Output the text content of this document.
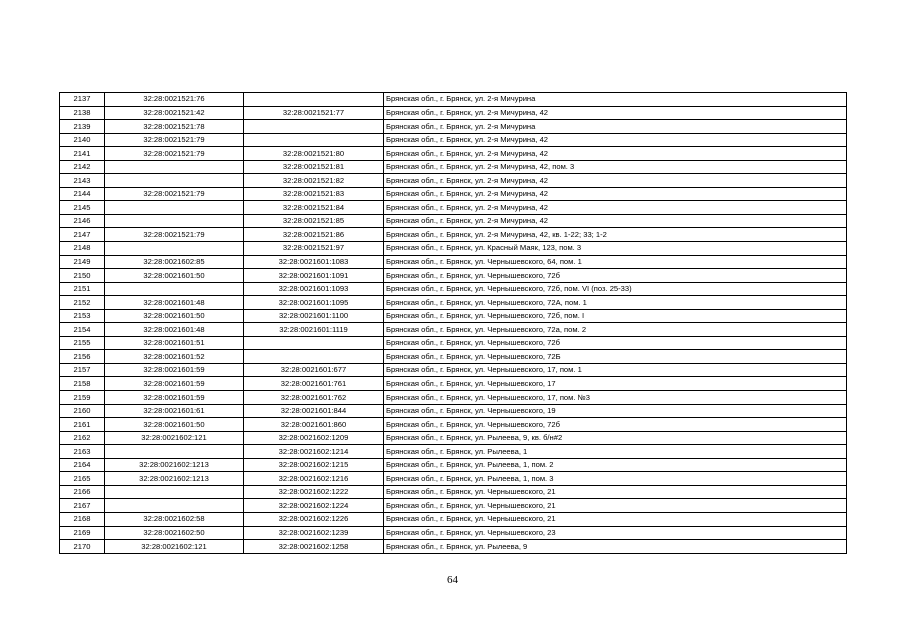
2137	32:28:0021521:76		Брянская обл., г. Брянск, ул. 2-я Мичурина
2138	32:28:0021521:42	32:28:0021521:77	Брянская обл., г. Брянск, ул. 2-я Мичурина, 42
2139	32:28:0021521:78		Брянская обл., г. Брянск, ул. 2-я Мичурина
2140	32:28:0021521:79		Брянская обл., г. Брянск, ул. 2-я Мичурина, 42
2141	32:28:0021521:79	32:28:0021521:80	Брянская обл., г. Брянск, ул. 2-я Мичурина, 42
2142		32:28:0021521:81	Брянская обл., г. Брянск, ул. 2-я Мичурина, 42, пом. 3
2143		32:28:0021521:82	Брянская обл., г. Брянск, ул. 2-я Мичурина, 42
2144	32:28:0021521:79	32:28:0021521:83	Брянская обл., г. Брянск, ул. 2-я Мичурина, 42
2145		32:28:0021521:84	Брянская обл., г. Брянск, ул. 2-я Мичурина, 42
2146		32:28:0021521:85	Брянская обл., г. Брянск, ул. 2-я Мичурина, 42
2147	32:28:0021521:79	32:28:0021521:86	Брянская обл., г. Брянск, ул. 2-я Мичурина, 42, кв. 1-22; 33; 1-2
2148		32:28:0021521:97	Брянская обл., г. Брянск, ул. Красный Маяк, 123, пом. 3
2149	32:28:0021602:85	32:28:0021601:1083	Брянская обл., г. Брянск, ул. Чернышевского, 64, пом. 1
2150	32:28:0021601:50	32:28:0021601:1091	Брянская обл., г. Брянск, ул. Чернышевского, 72б
2151		32:28:0021601:1093	Брянская обл., г. Брянск, ул. Чернышевского, 72б, пом. VI (поз. 25-33)
2152	32:28:0021601:48	32:28:0021601:1095	Брянская обл., г. Брянск, ул. Чернышевского, 72А, пом. 1
2153	32:28:0021601:50	32:28:0021601:1100	Брянская обл., г. Брянск, ул. Чернышевского, 72б, пом. I
2154	32:28:0021601:48	32:28:0021601:1119	Брянская обл., г. Брянск, ул. Чернышевского, 72а, пом. 2
2155	32:28:0021601:51		Брянская обл., г. Брянск, ул. Чернышевского, 72б
2156	32:28:0021601:52		Брянская обл., г. Брянск, ул. Чернышевского, 72Б
2157	32:28:0021601:59	32:28:0021601:677	Брянская обл., г. Брянск, ул. Чернышевского, 17, пом. 1
2158	32:28:0021601:59	32:28:0021601:761	Брянская обл., г. Брянск, ул. Чернышевского, 17
2159	32:28:0021601:59	32:28:0021601:762	Брянская обл., г. Брянск, ул. Чернышевского, 17, пом. №3
2160	32:28:0021601:61	32:28:0021601:844	Брянская обл., г. Брянск, ул. Чернышевского, 19
2161	32:28:0021601:50	32:28:0021601:860	Брянская обл., г. Брянск, ул. Чернышевского, 72б
2162	32:28:0021602:121	32:28:0021602:1209	Брянская обл., г. Брянск, ул. Рылеева, 9, кв. б/н#2
2163		32:28:0021602:1214	Брянская обл., г. Брянск, ул. Рылеева, 1
2164	32:28:0021602:1213	32:28:0021602:1215	Брянская обл., г. Брянск, ул. Рылеева, 1, пом. 2
2165	32:28:0021602:1213	32:28:0021602:1216	Брянская обл., г. Брянск, ул. Рылеева, 1, пом. 3
2166		32:28:0021602:1222	Брянская обл., г. Брянск, ул. Чернышевского, 21
2167		32:28:0021602:1224	Брянская обл., г. Брянск, ул. Чернышевского, 21
2168	32:28:0021602:58	32:28:0021602:1226	Брянская обл., г. Брянск, ул. Чернышевского, 21
2169	32:28:0021602:50	32:28:0021602:1239	Брянская обл., г. Брянск, ул. Чернышевского, 23
2170	32:28:0021602:121	32:28:0021602:1258	Брянская обл., г. Брянск, ул. Рылеева, 9
64
